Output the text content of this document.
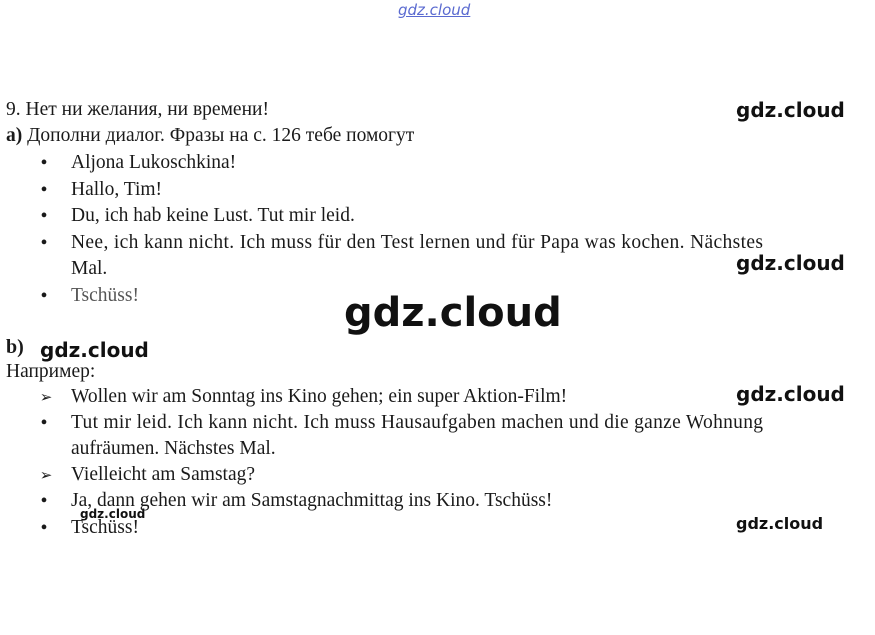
gdz.cloud
gdz.cloud
gdz.cloud
gdz.cloud
gdz.cloud
gdz.cloud
gdz.cloud	gdz.cloud
9. Нет ни желания, ни времени!
а) Дополни диалог. Фразы на с. 126 тебе помогут
•
Aljona Lukoschkina!
•
Hallo, Tim!
•
Du, ich hab keine Lust. Tut mir leid.
•
Nee, ich kann nicht. Ich muss für den Test lernen und für Papa was kochen. Nächstes
Mal.
•
Tschüss!
b)
Например:
➢ Wollen wir am Sonntag ins Kino gehen; ein super Aktion-Film!
•
Tut mir leid. Ich kann nicht. Ich muss Hausaufgaben machen und die ganze Wohnung
aufräumen. Nächstes Mal.
➢ Vielleicht am Samstag?
•
Ja, dann gehen wir am Samstagnachmittag ins Kino. Tschüss!
•
Tschüss!
